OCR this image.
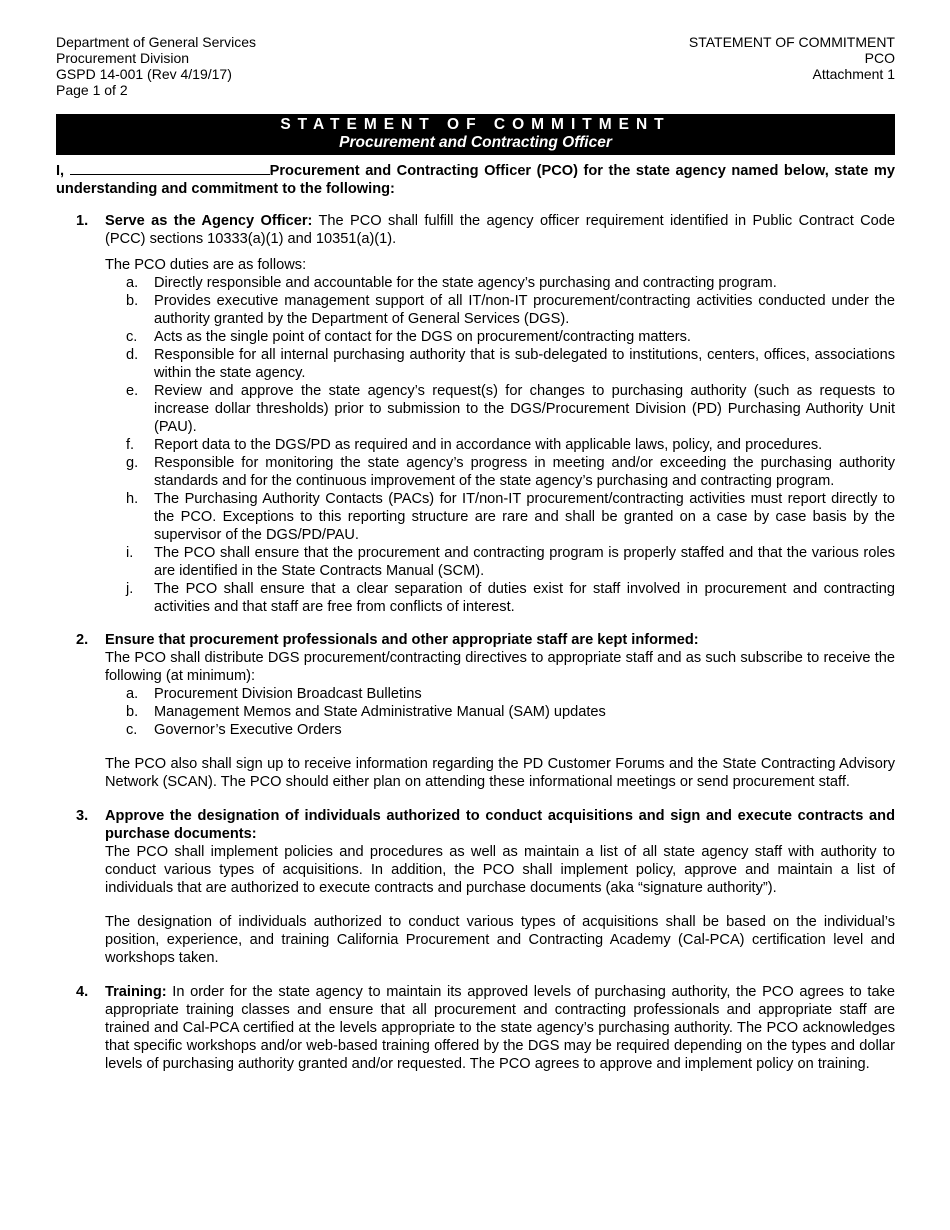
Department of General Services
Procurement Division
GSPD 14-001 (Rev 4/19/17)
Page 1 of 2
STATEMENT OF COMMITMENT
PCO
Attachment 1
STATEMENT OF COMMITMENT
Procurement and Contracting Officer
I,	Procurement and Contracting Officer (PCO) for the state agency named below, state my understanding and commitment to the following:
1. Serve as the Agency Officer: The PCO shall fulfill the agency officer requirement identified in Public Contract Code (PCC) sections 10333(a)(1) and 10351(a)(1).

The PCO duties are as follows:

a. Directly responsible and accountable for the state agency’s purchasing and contracting program.
b. Provides executive management support of all IT/non-IT procurement/contracting activities conducted under the authority granted by the Department of General Services (DGS).
c. Acts as the single point of contact for the DGS on procurement/contracting matters.
d. Responsible for all internal purchasing authority that is sub-delegated to institutions, centers, offices, associations within the state agency.
e. Review and approve the state agency’s request(s) for changes to purchasing authority (such as requests to increase dollar thresholds) prior to submission to the DGS/Procurement Division (PD) Purchasing Authority Unit (PAU).
f. Report data to the DGS/PD as required and in accordance with applicable laws, policy, and procedures.
g. Responsible for monitoring the state agency’s progress in meeting and/or exceeding the purchasing authority standards and for the continuous improvement of the state agency’s purchasing and contracting program.
h. The Purchasing Authority Contacts (PACs) for IT/non-IT procurement/contracting activities must report directly to the PCO. Exceptions to this reporting structure are rare and shall be granted on a case by case basis by the supervisor of the DGS/PD/PAU.
i. The PCO shall ensure that the procurement and contracting program is properly staffed and that the various roles are identified in the State Contracts Manual (SCM).
j. The PCO shall ensure that a clear separation of duties exist for staff involved in procurement and contracting activities and that staff are free from conflicts of interest.
2. Ensure that procurement professionals and other appropriate staff are kept informed:

The PCO shall distribute DGS procurement/contracting directives to appropriate staff and as such subscribe to receive the following (at minimum):

a. Procurement Division Broadcast Bulletins
b. Management Memos and State Administrative Manual (SAM) updates
c. Governor’s Executive Orders

The PCO also shall sign up to receive information regarding the PD Customer Forums and the State Contracting Advisory Network (SCAN). The PCO should either plan on attending these informational meetings or send procurement staff.

3. Approve the designation of individuals authorized to conduct acquisitions and sign and execute contracts and purchase documents:

The PCO shall implement policies and procedures as well as maintain a list of all state agency staff with authority to conduct various types of acquisitions. In addition, the PCO shall implement policy, approve and maintain a list of individuals that are authorized to execute contracts and purchase documents (aka “signature authority”).

The designation of individuals authorized to conduct various types of acquisitions shall be based on the individual’s position, experience, and training California Procurement and Contracting Academy (Cal-PCA) certification level and workshops taken.

4. Training: In order for the state agency to maintain its approved levels of purchasing authority, the PCO agrees to take appropriate training classes and ensure that all procurement and contracting professionals and appropriate staff are trained and Cal-PCA certified at the levels appropriate to the state agency’s purchasing authority. The PCO acknowledges that specific workshops and/or web-based training offered by the DGS may be required depending on the types and dollar levels of purchasing authority granted and/or requested. The PCO agrees to approve and implement policy on training.
